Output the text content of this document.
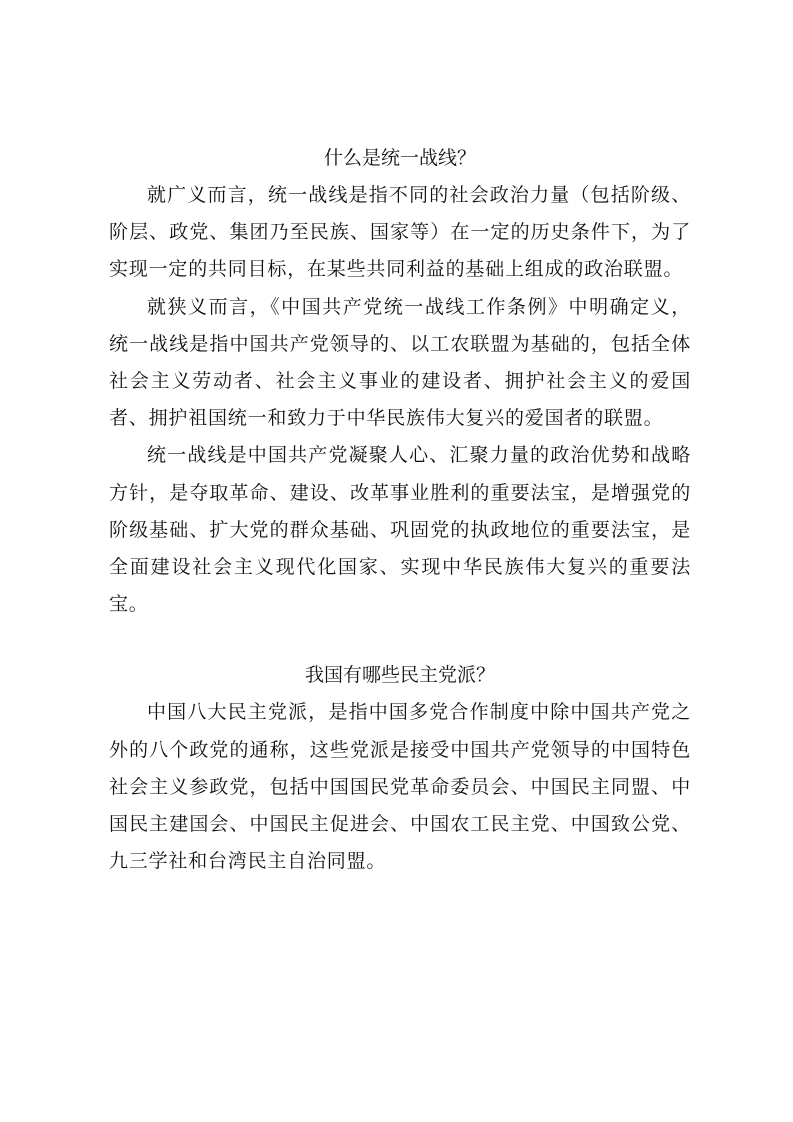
什么是统一战线？

就广义而言，统一战线是指不同的社会政治力量（包括阶级、阶层、政党、集团乃至民族、国家等）在一定的历史条件下，为了实现一定的共同目标，在某些共同利益的基础上组成的政治联盟。

就狭义而言，《中国共产党统一战线工作条例》中明确定义，统一战线是指中国共产党领导的、以工农联盟为基础的，包括全体社会主义劳动者、社会主义事业的建设者、拥护社会主义的爱国者、拥护祖国统一和致力于中华民族伟大复兴的爱国者的联盟。

统一战线是中国共产党凝聚人心、汇聚力量的政治优势和战略方针，是夺取革命、建设、改革事业胜利的重要法宝，是增强党的阶级基础、扩大党的群众基础、巩固党的执政地位的重要法宝，是全面建设社会主义现代化国家、实现中华民族伟大复兴的重要法宝。

我国有哪些民主党派？

中国八大民主党派，是指中国多党合作制度中除中国共产党之外的八个政党的通称，这些党派是接受中国共产党领导的中国特色社会主义参政党，包括中国国民党革命委员会、中国民主同盟、中国民主建国会、中国民主促进会、中国农工民主党、中国致公党、九三学社和台湾民主自治同盟。
